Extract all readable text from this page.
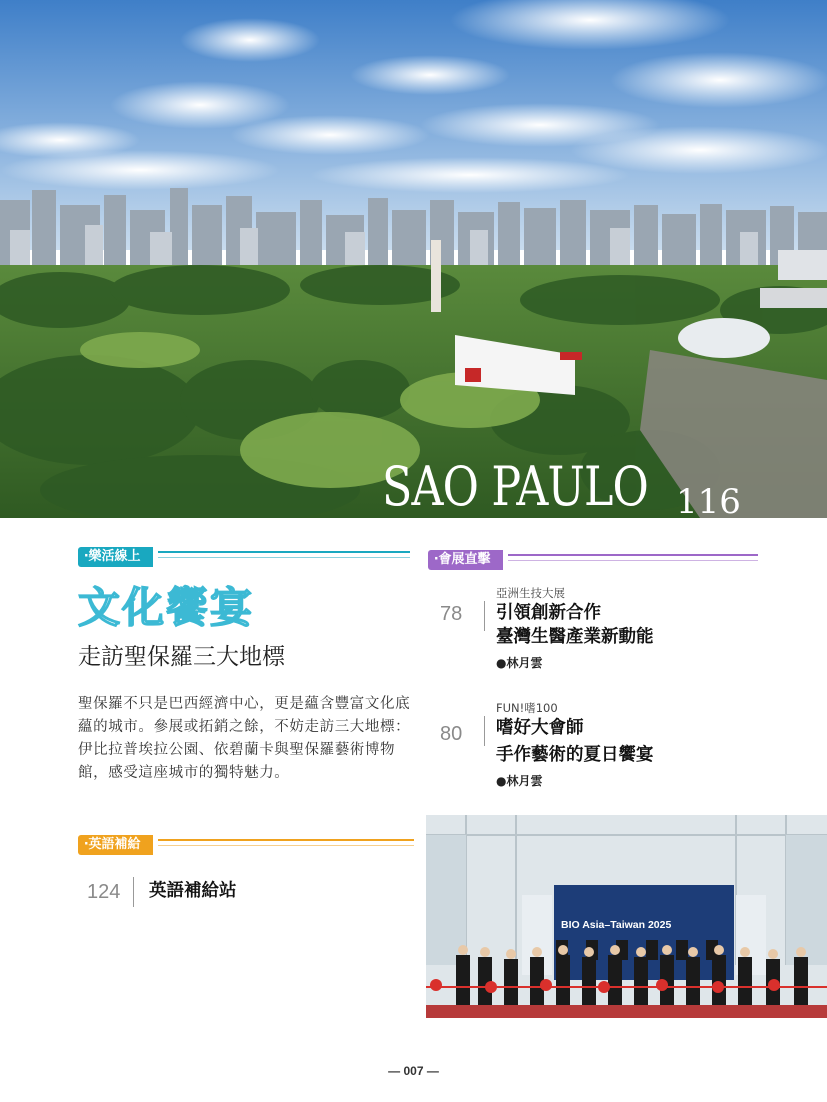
SAO PAULO 116
‧樂活線上
文化饗宴
走訪聖保羅三大地標
聖保羅不只是巴西經濟中心，更是蘊含豐富文化底蘊的城市。參展或拓銷之餘，不妨走訪三大地標：伊比拉普埃拉公園、依碧蘭卡與聖保羅藝術博物館，感受這座城市的獨特魅力。
‧會展直擊
亞洲生技大展
78 引領創新合作
臺灣生醫產業新動能
●林月雲
FUN!嗜100
80 嗜好大會師
手作藝術的夏日饗宴
●林月雲
‧英語補給
124 英語補給站
BIO Asia–Taiwan 2025
— 007 —
